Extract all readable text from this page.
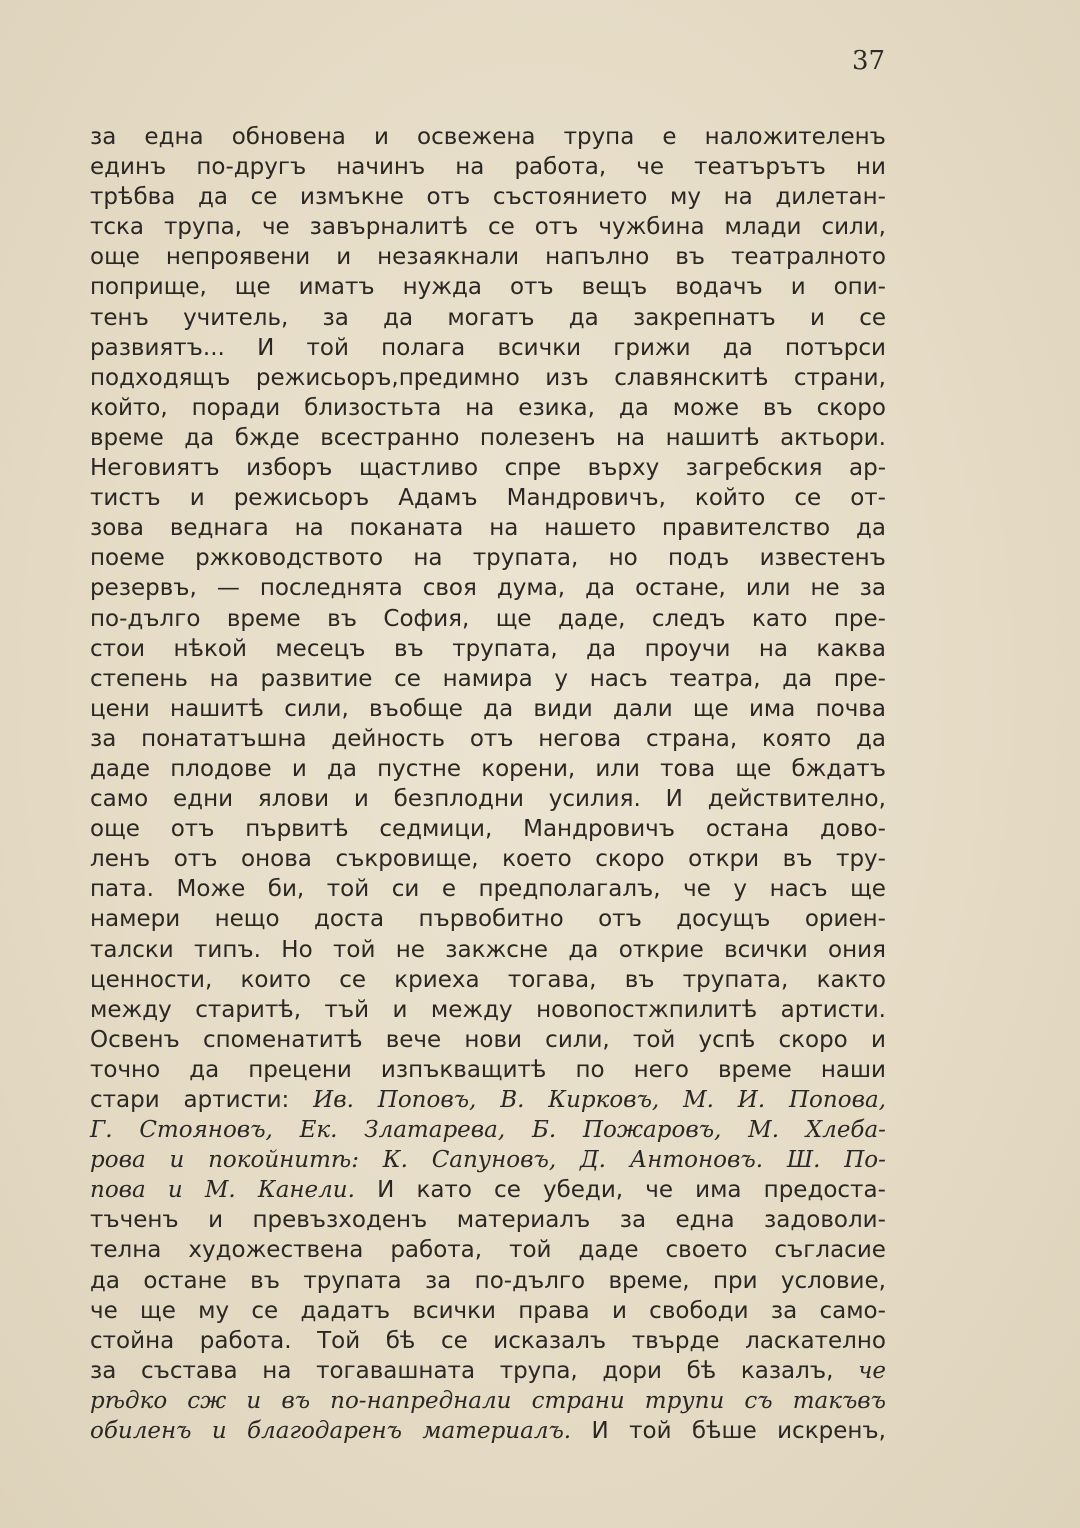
37
за една обновена и освежена трупа е наложителенъ
единъ по-другъ начинъ на работа, че театърътъ ни
трѣбва да се измъкне отъ състоянието му на дилетан-
тска трупа, че завърналитѣ се отъ чужбина млади сили,
още непроявени и незаякнали напълно въ театралното
поприще, ще иматъ нужда отъ вещъ водачъ и опи-
тенъ учитель, за да могатъ да закрепнатъ и се
развиятъ... И той полага всички грижи да потърси
подходящъ режисьоръ,предимно изъ славянскитѣ страни,
който, поради близостьта на езика, да може въ скоро
време да бжде всестранно полезенъ на нашитѣ актьори.
Неговиятъ изборъ щастливо спре върху загребския ар-
тистъ и режисьоръ Адамъ Мандровичъ, който се от-
зова веднага на поканата на нашето правителство да
поеме ржководството на трупата, но подъ известенъ
резервъ, — последнята своя дума, да остане, или не за
по-дълго време въ София, ще даде, следъ като пре-
стои нѣкой месецъ въ трупата, да проучи на каква
степень на развитие се намира у насъ театра, да пре-
цени нашитѣ сили, въобще да види дали ще има почва
за понататъшна дейность отъ негова страна, която да
даде плодове и да пустне корени, или това ще бждатъ
само едни ялови и безплодни усилия. И действително,
още отъ първитѣ седмици, Мандровичъ остана дово-
ленъ отъ онова съкровище, което скоро откри въ тру-
пата. Може би, той си е предполагалъ, че у насъ ще
намери нещо доста първобитно отъ досущъ ориен-
талски типъ. Но той не закжсне да открие всички ония
ценности, които се криеха тогава, въ трупата, както
между старитѣ, тъй и между новопостжпилитѣ артисти.
Освенъ споменатитѣ вече нови сили, той успѣ скоро и
точно да прецени изпъкващитѣ по него време наши
стари артисти: Ив. Поповъ, В. Кирковъ, М. И. Попова,
Г. Стояновъ, Ек. Златарева, Б. Пожаровъ, М. Хлеба-
рова и покойнитѣ: К. Сапуновъ, Д. Антоновъ. Ш. По-
пова и М. Канели. И като се убеди, че има предоста-
тъченъ и превъзходенъ материалъ за една задоволи-
телна художествена работа, той даде своето съгласие
да остане въ трупата за по-дълго време, при условие,
че ще му се дадатъ всички права и свободи за само-
стойна работа. Той бѣ се исказалъ твърде ласкателно
за състава на тогавашната трупа, дори бѣ казалъ, че
рѣдко сж и въ по-напреднали страни трупи съ такъвъ
обиленъ и благодаренъ материалъ. И той бѣше искренъ,
